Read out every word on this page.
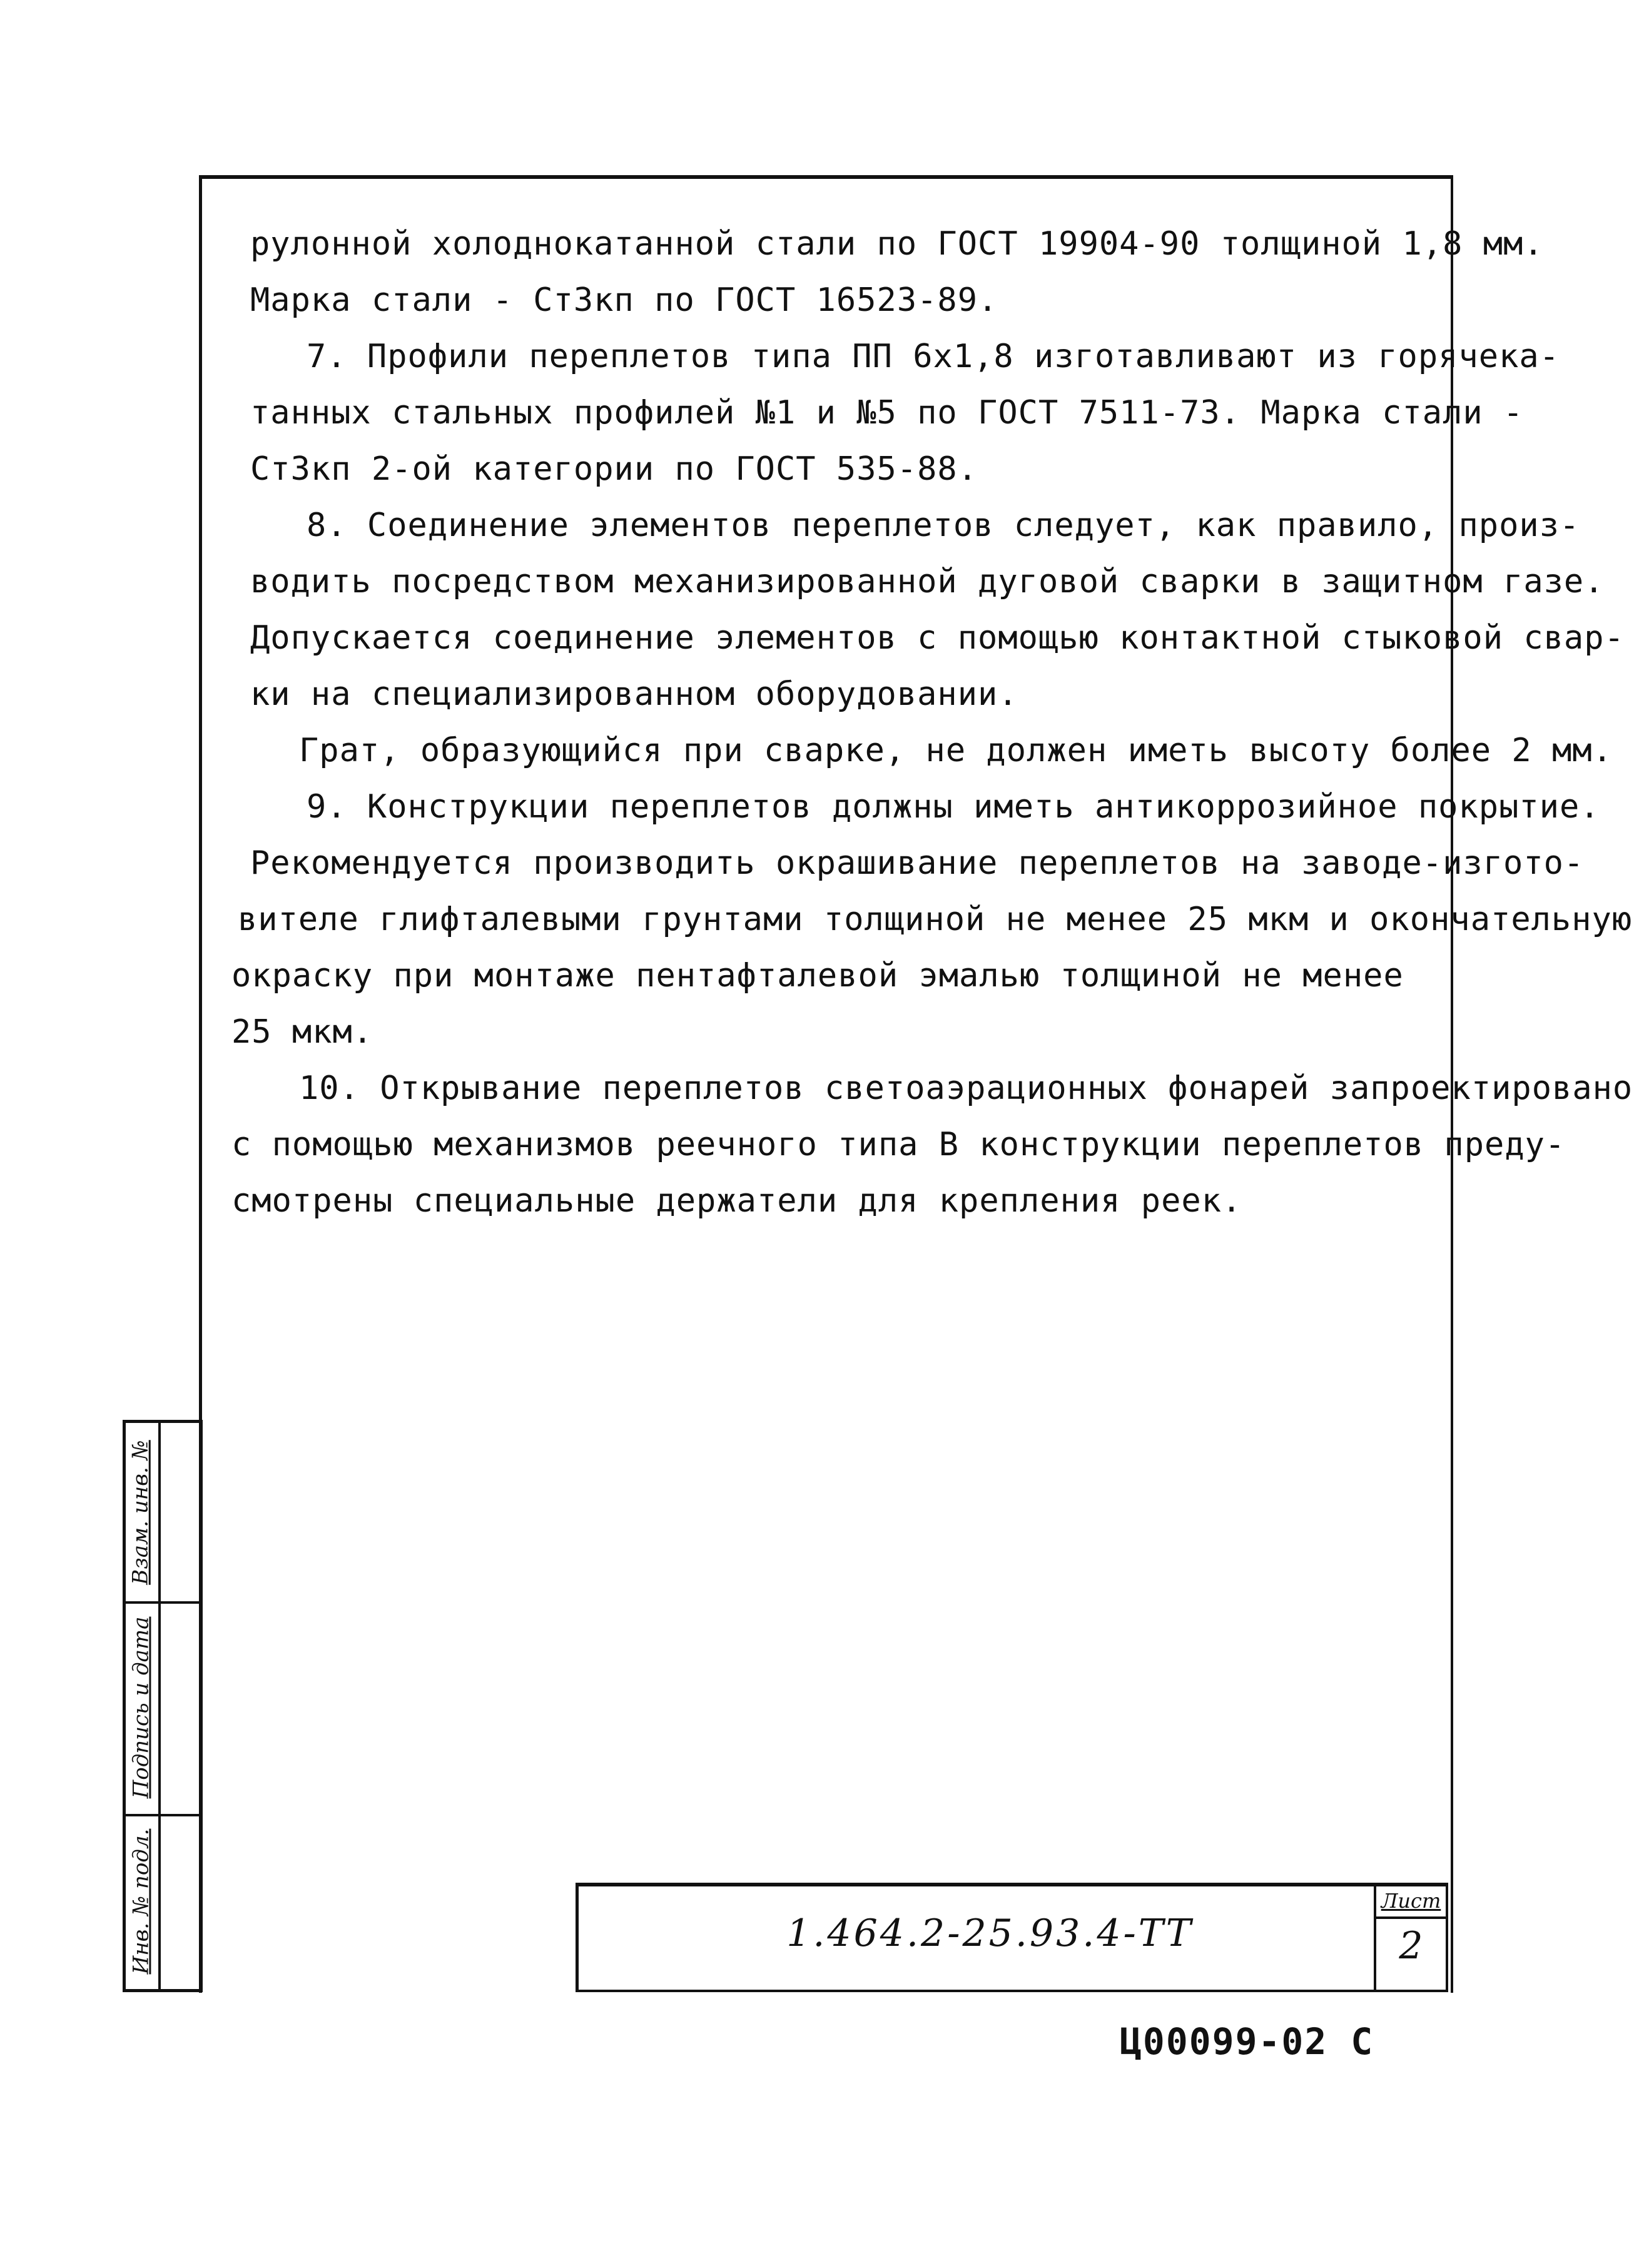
рулонной холоднокатанной стали по ГОСТ 19904-90 толщиной 1,8 мм.

Марка стали - Ст3кп по ГОСТ 16523-89.

7. Профили переплетов типа ПП 6х1,8 изготавливают из горячека-

танных стальных профилей №1 и №5 по ГОСТ 7511-73. Марка стали -

Ст3кп 2-ой категории по ГОСТ 535-88.

8. Соединение элементов переплетов следует, как правило, произ-

водить посредством механизированной дуговой сварки в защитном газе.

Допускается соединение элементов с помощью контактной стыковой свар-

ки на специализированном оборудовании.

Грат, образующийся при сварке, не должен иметь высоту более 2 мм.

9. Конструкции переплетов должны иметь антикоррозийное покрытие.

Рекомендуется производить окрашивание переплетов на заводе-изгото-

вителе глифталевыми грунтами толщиной не менее 25 мкм и окончательную

окраску при монтаже пентафталевой эмалью толщиной не менее

25 мкм.

10. Открывание переплетов светоаэрационных фонарей запроектировано

с помощью механизмов реечного типа В конструкции переплетов преду-

смотрены специальные держатели для крепления реек.

Взам. инв. №
Подпись и дата
Инв. № подл.	1.464.2-25.93.4-ТТ
Лист
2
Ц00099-02 С
